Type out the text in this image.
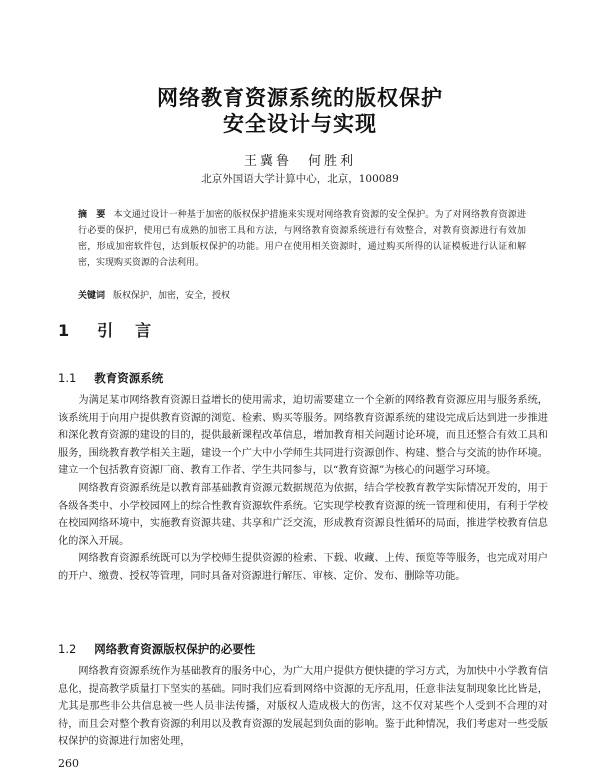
网络教育资源系统的版权保护
安全设计与实现
王冀鲁　何胜利
北京外国语大学计算中心，北京，100089
摘　要 本文通过设计一种基于加密的版权保护措施来实现对网络教育资源的安全保护。为了对网络教育资源进行必要的保护，使用已有成熟的加密工具和方法，与网络教育资源系统进行有效整合，对教育资源进行有效加密，形成加密软件包，达到版权保护的功能。用户在使用相关资源时，通过购买所得的认证模板进行认证和解密，实现购买资源的合法利用。
关键词 版权保护，加密，安全，授权
1 引言
1.1 教育资源系统

为满足某市网络教育资源日益增长的使用需求，迫切需要建立一个全新的网络教育资源应用与服务系统，该系统用于向用户提供教育资源的浏览、检索、购买等服务。网络教育资源系统的建设完成后达到进一步推进和深化教育资源的建设的目的，提供最新课程改革信息，增加教育相关问题讨论环境，而且还整合有效工具和服务，围绕教育教学相关主题，建设一个广大中小学师生共同进行资源创作、构建、整合与交流的协作环境。建立一个包括教育资源厂商、教育工作者、学生共同参与，以“教育资源”为核心的问题学习环境。

网络教育资源系统是以教育部基础教育资源元数据规范为依据，结合学校教育教学实际情况开发的，用于各级各类中、小学校园网上的综合性教育资源软件系统。它实现学校教育资源的统一管理和使用，有利于学校在校园网络环境中，实施教育资源共建、共享和广泛交流，形成教育资源良性循环的局面，推进学校教育信息化的深入开展。

网络教育资源系统既可以为学校师生提供资源的检索、下载、收藏、上传、预览等等服务，也完成对用户的开户、缴费、授权等管理，同时具备对资源进行解压、审核、定价、发布、删除等功能。

1.2 网络教育资源版权保护的必要性

网络教育资源系统作为基础教育的服务中心，为广大用户提供方便快捷的学习方式，为加快中小学教育信息化，提高教学质量打下坚实的基础。同时我们应看到网络中资源的无序乱用，任意非法复制现象比比皆是，尤其是那些非公共信息被一些人员非法传播，对版权人造成极大的伤害，这不仅对某些个人受到不合理的对待，而且会对整个教育资源的利用以及教育资源的发展起到负面的影响。鉴于此种情况，我们考虑对一些受版权保护的资源进行加密处理，

260
